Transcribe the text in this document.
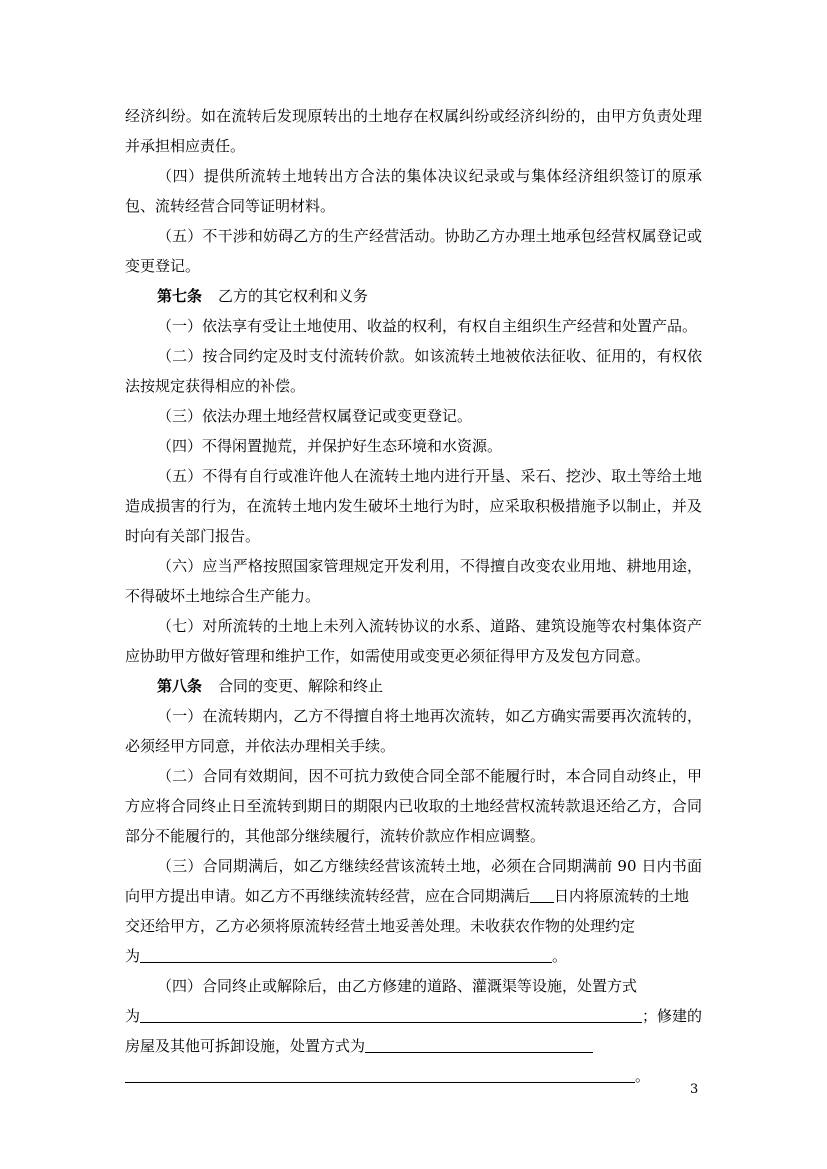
经济纠纷。如在流转后发现原转出的土地存在权属纠纷或经济纠纷的，由甲方负责处理
并承担相应责任。
（四）提供所流转土地转出方合法的集体决议纪录或与集体经济组织签订的原承
包、流转经营合同等证明材料。
（五）不干涉和妨碍乙方的生产经营活动。协助乙方办理土地承包经营权属登记或
变更登记。
第七条 乙方的其它权利和义务
（一）依法享有受让土地使用、收益的权利，有权自主组织生产经营和处置产品。
（二）按合同约定及时支付流转价款。如该流转土地被依法征收、征用的，有权依
法按规定获得相应的补偿。
（三）依法办理土地经营权属登记或变更登记。
（四）不得闲置抛荒，并保护好生态环境和水资源。
（五）不得有自行或准许他人在流转土地内进行开垦、采石、挖沙、取土等给土地
造成损害的行为，在流转土地内发生破坏土地行为时，应采取积极措施予以制止，并及
时向有关部门报告。
（六）应当严格按照国家管理规定开发利用，不得擅自改变农业用地、耕地用途，
不得破坏土地综合生产能力。
（七）对所流转的土地上未列入流转协议的水系、道路、建筑设施等农村集体资产
应协助甲方做好管理和维护工作，如需使用或变更必须征得甲方及发包方同意。
第八条 合同的变更、解除和终止
（一）在流转期内，乙方不得擅自将土地再次流转，如乙方确实需要再次流转的，
必须经甲方同意，并依法办理相关手续。
（二）合同有效期间，因不可抗力致使合同全部不能履行时，本合同自动终止，甲
方应将合同终止日至流转到期日的期限内已收取的土地经营权流转款退还给乙方，合同
部分不能履行的，其他部分继续履行，流转价款应作相应调整。
（三）合同期满后，如乙方继续经营该流转土地，必须在合同期满前 90 日内书面
向甲方提出申请。如乙方不再继续流转经营，应在合同期满后 日内将原流转的土地
交还给甲方，乙方必须将原流转经营土地妥善处理。未收获农作物的处理约定
为	。
（四）合同终止或解除后，由乙方修建的道路、灌溉渠等设施，处置方式
为	；修建的
房屋及其他可拆卸设施，处置方式为
。
3
